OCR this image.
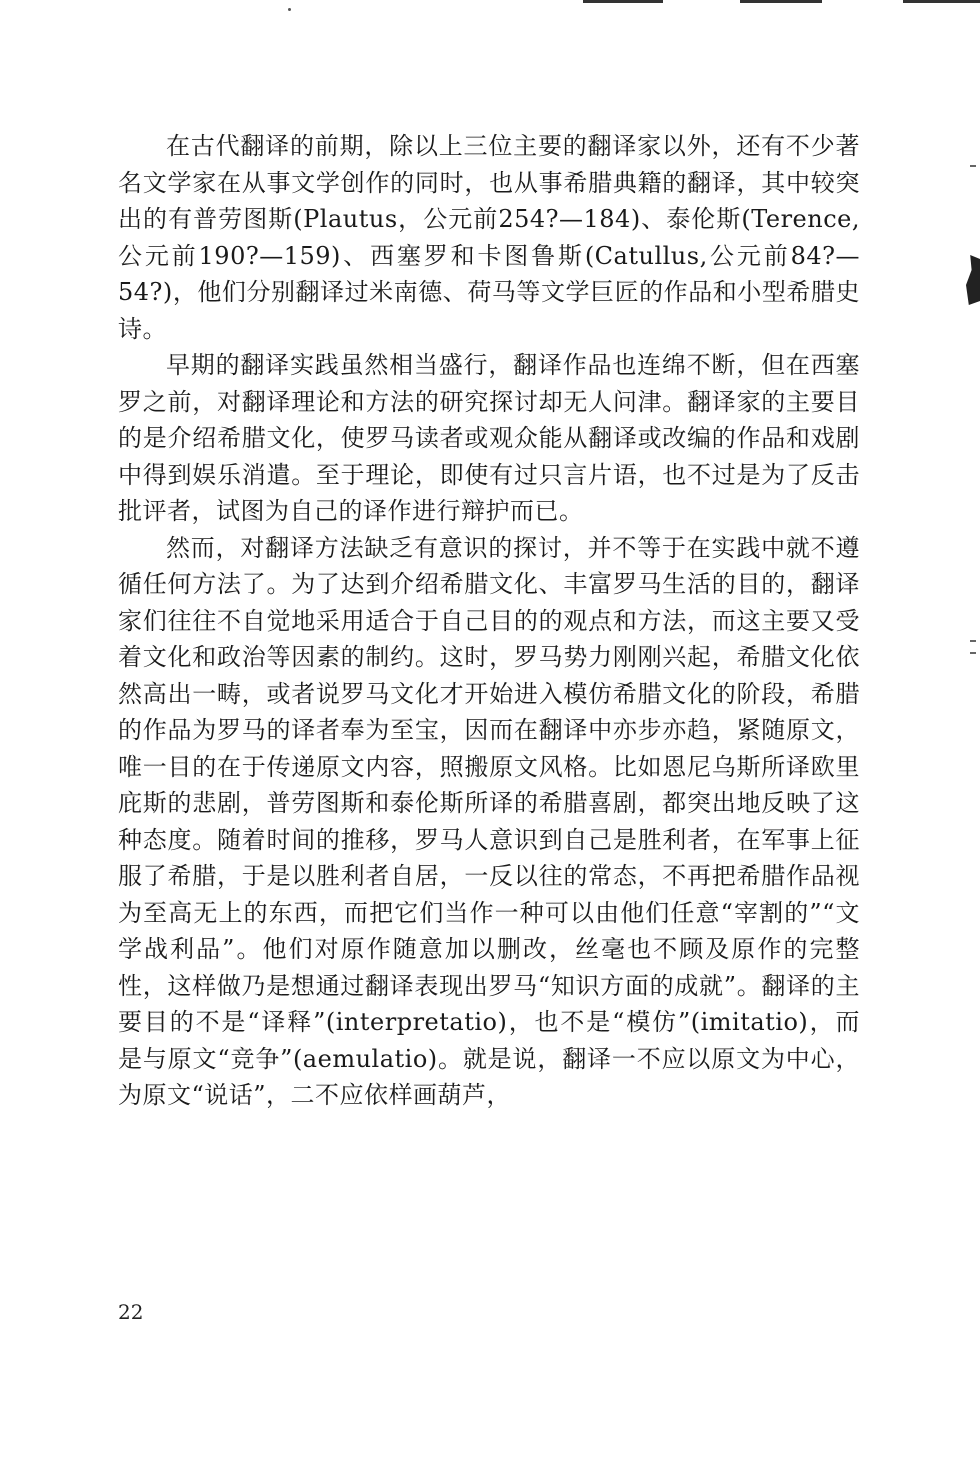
在古代翻译的前期，除以上三位主要的翻译家以外，还有不少著名文学家在从事文学创作的同时，也从事希腊典籍的翻译，其中较突出的有普劳图斯(Plautus，公元前254?—184)、泰伦斯(Terence,公元前190?—159)、西塞罗和卡图鲁斯(Catullus,公元前84?—54?)，他们分别翻译过米南德、荷马等文学巨匠的作品和小型希腊史诗。

早期的翻译实践虽然相当盛行，翻译作品也连绵不断，但在西塞罗之前，对翻译理论和方法的研究探讨却无人问津。翻译家的主要目的是介绍希腊文化，使罗马读者或观众能从翻译或改编的作品和戏剧中得到娱乐消遣。至于理论，即使有过只言片语，也不过是为了反击批评者，试图为自己的译作进行辩护而已。

然而，对翻译方法缺乏有意识的探讨，并不等于在实践中就不遵循任何方法了。为了达到介绍希腊文化、丰富罗马生活的目的，翻译家们往往不自觉地采用适合于自己目的的观点和方法，而这主要又受着文化和政治等因素的制约。这时，罗马势力刚刚兴起，希腊文化依然高出一畴，或者说罗马文化才开始进入模仿希腊文化的阶段，希腊的作品为罗马的译者奉为至宝，因而在翻译中亦步亦趋，紧随原文，唯一目的在于传递原文内容，照搬原文风格。比如恩尼乌斯所译欧里庇斯的悲剧，普劳图斯和泰伦斯所译的希腊喜剧，都突出地反映了这种态度。随着时间的推移，罗马人意识到自己是胜利者，在军事上征服了希腊，于是以胜利者自居，一反以往的常态，不再把希腊作品视为至高无上的东西，而把它们当作一种可以由他们任意“宰割的”“文学战利品”。他们对原作随意加以删改，丝毫也不顾及原作的完整性，这样做乃是想通过翻译表现出罗马“知识方面的成就”。翻译的主要目的不是“译释”(interpretatio)，也不是“模仿”(imitatio)，而是与原文“竞争”(aemulatio)。就是说，翻译一不应以原文为中心，为原文“说话”，二不应依样画葫芦，

22
